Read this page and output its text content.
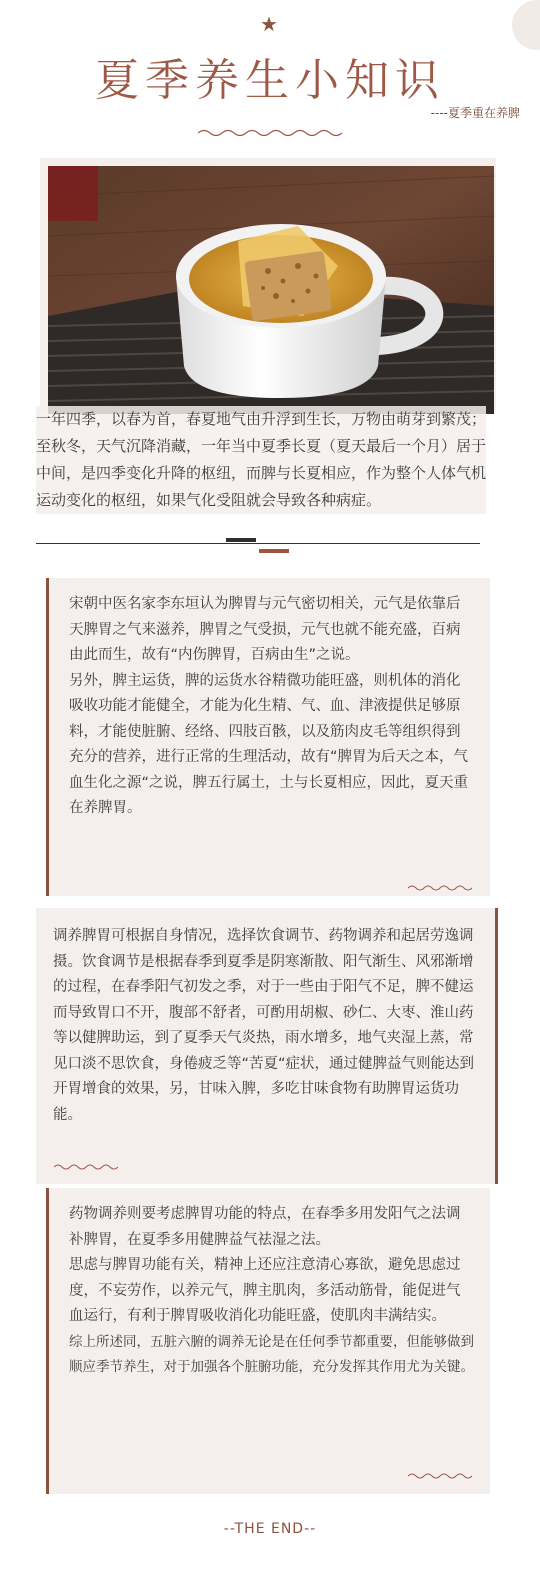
★
夏季养生小知识
----夏季重在养脾
一年四季，以春为首，春夏地气由升浮到生长，万物由萌芽到繁茂；至秋冬，天气沉降消藏，一年当中夏季长夏（夏天最后一个月）居于中间，是四季变化升降的枢纽，而脾与长夏相应，作为整个人体气机运动变化的枢纽，如果气化受阻就会导致各种病症。

宋朝中医名家李东垣认为脾胃与元气密切相关，元气是依靠后天脾胃之气来滋养，脾胃之气受损，元气也就不能充盛，百病由此而生，故有“内伤脾胃，百病由生”之说。

另外，脾主运货，脾的运货水谷精微功能旺盛，则机体的消化吸收功能才能健全，才能为化生精、气、血、津液提供足够原料，才能使脏腑、经络、四肢百骸，以及筋肉皮毛等组织得到充分的营养，进行正常的生理活动，故有“脾胃为后天之本，气血生化之源“之说，脾五行属土，土与长夏相应，因此，夏天重在养脾胃。

调养脾胃可根据自身情况，选择饮食调节、药物调养和起居劳逸调摄。饮食调节是根据春季到夏季是阴寒渐散、阳气渐生、风邪渐增的过程，在春季阳气初发之季，对于一些由于阳气不足，脾不健运而导致胃口不开，腹部不舒者，可酌用胡椒、砂仁、大枣、淮山药等以健脾助运，到了夏季天气炎热，雨水增多，地气夹湿上蒸，常见口淡不思饮食，身倦疲乏等“苦夏“症状，通过健脾益气则能达到开胃增食的效果，另，甘味入脾，多吃甘味食物有助脾胃运货功能。

药物调养则要考虑脾胃功能的特点，在春季多用发阳气之法调补脾胃，在夏季多用健脾益气祛湿之法。

思虑与脾胃功能有关，精神上还应注意清心寡欲，避免思虑过度，不妄劳作，以养元气，脾主肌肉，多活动筋骨，能促进气血运行，有利于脾胃吸收消化功能旺盛，使肌肉丰满结实。

综上所述同，五脏六腑的调养无论是在任何季节都重要，但能够做到顺应季节养生，对于加强各个脏腑功能，充分发挥其作用尤为关键。

--THE END--
